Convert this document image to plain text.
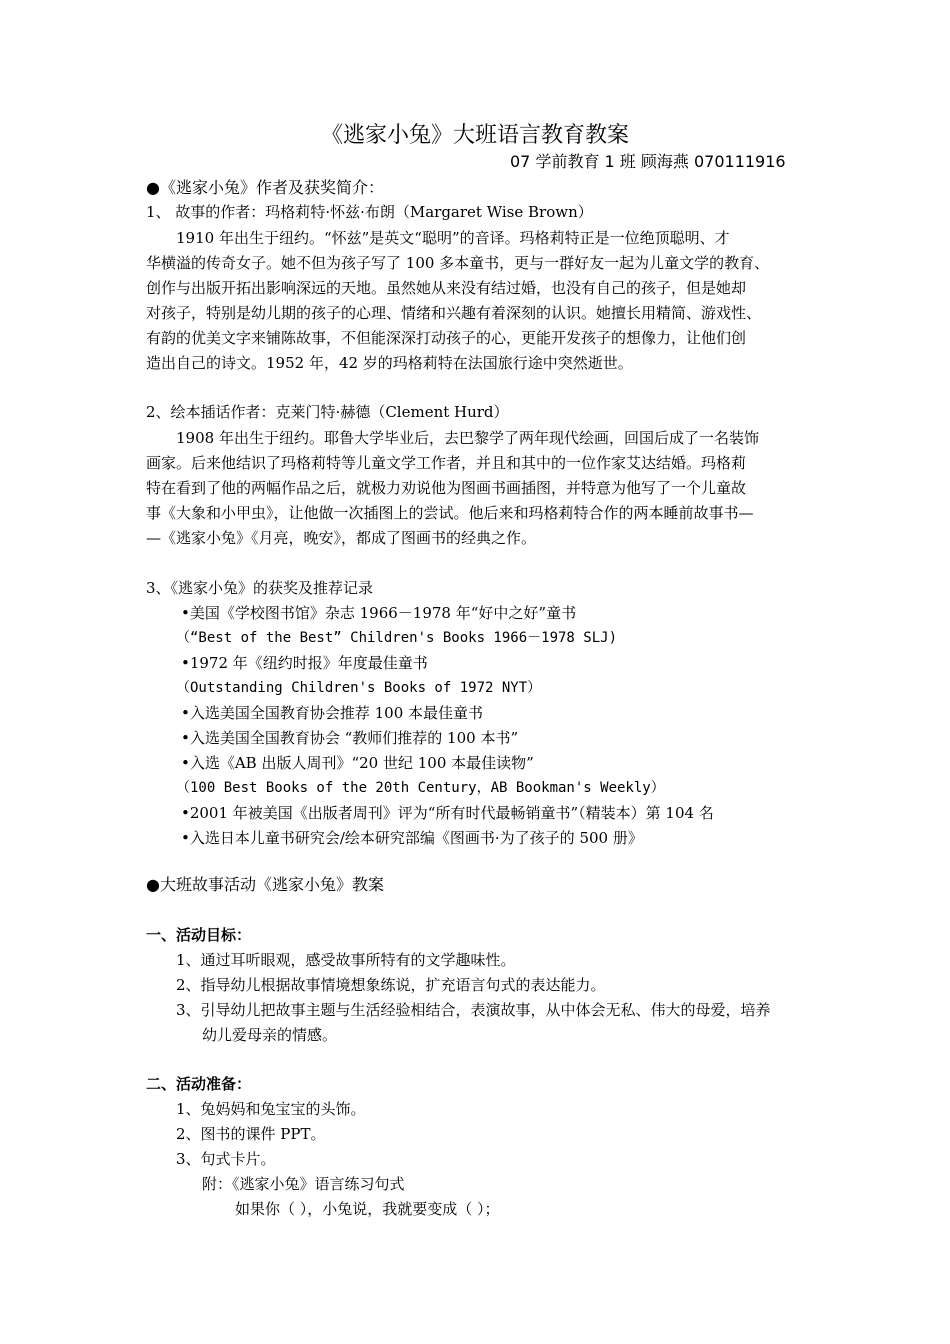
《逃家小兔》大班语言教育教案
07 学前教育 1 班 顾海燕 070111916
●《逃家小兔》作者及获奖简介：
1、 故事的作者：玛格莉特·怀兹·布朗（Margaret Wise Brown）
1910 年出生于纽约。“怀兹”是英文“聪明”的音译。玛格莉特正是一位绝顶聪明、才
华横溢的传奇女子。她不但为孩子写了 100 多本童书，更与一群好友一起为儿童文学的教育、
创作与出版开拓出影响深远的天地。虽然她从来没有结过婚，也没有自己的孩子，但是她却
对孩子，特别是幼儿期的孩子的心理、情绪和兴趣有着深刻的认识。她擅长用精简、游戏性、
有韵的优美文字来铺陈故事，不但能深深打动孩子的心，更能开发孩子的想像力，让他们创
造出自己的诗文。1952 年，42 岁的玛格莉特在法国旅行途中突然逝世。
2、绘本插话作者：克莱门特·赫德（Clement Hurd）
1908 年出生于纽约。耶鲁大学毕业后，去巴黎学了两年现代绘画，回国后成了一名装饰
画家。后来他结识了玛格莉特等儿童文学工作者，并且和其中的一位作家艾达结婚。玛格莉
特在看到了他的两幅作品之后，就极力劝说他为图画书画插图，并特意为他写了一个儿童故
事《大象和小甲虫》，让他做一次插图上的尝试。他后来和玛格莉特合作的两本睡前故事书—
—《逃家小兔》《月亮，晚安》，都成了图画书的经典之作。
3、《逃家小兔》的获奖及推荐记录
•美国《学校图书馆》杂志 1966－1978 年“好中之好”童书
（“Best of the Best” Children's Books 1966－1978 SLJ)
•1972 年《纽约时报》年度最佳童书
（Outstanding Children's Books of 1972 NYT）
•入选美国全国教育协会推荐 100 本最佳童书
•入选美国全国教育协会 “教师们推荐的 100 本书”
•入选《AB 出版人周刊》“20 世纪 100 本最佳读物”
（100 Best Books of the 20th Century，AB Bookman's Weekly）
•2001 年被美国《出版者周刊》评为“所有时代最畅销童书”（精装本）第 104 名
•入选日本儿童书研究会/绘本研究部编《图画书·为了孩子的 500 册》
●大班故事活动《逃家小兔》教案
一、活动目标：
1、通过耳听眼观，感受故事所特有的文学趣味性。
2、指导幼儿根据故事情境想象练说，扩充语言句式的表达能力。
3、引导幼儿把故事主题与生活经验相结合，表演故事，从中体会无私、伟大的母爱，培养
幼儿爱母亲的情感。
二、活动准备：
1、兔妈妈和兔宝宝的头饰。
2、图书的课件 PPT。
3、句式卡片。
附：《逃家小兔》语言练习句式
如果你（ ），小兔说，我就要变成（ ）；
